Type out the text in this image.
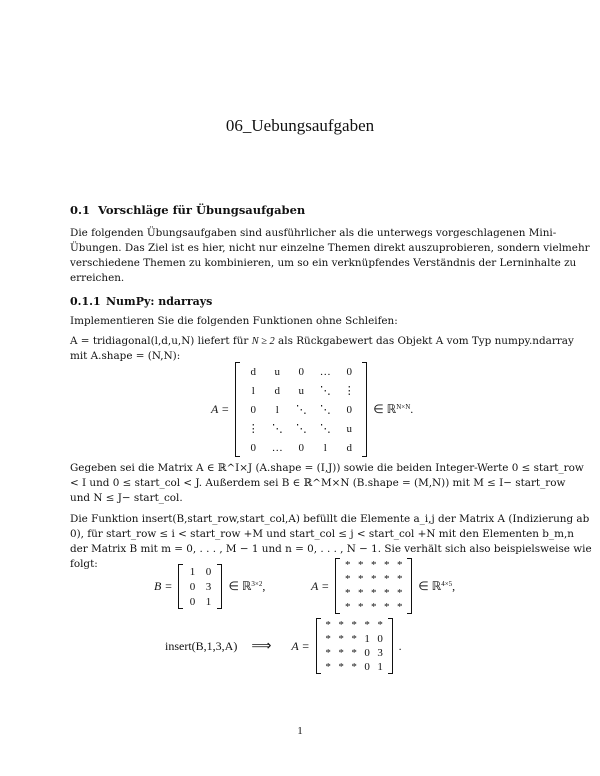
06_Uebungsaufgaben
0.1 Vorschläge für Übungsaufgaben
Die folgenden Übungsaufgaben sind ausführlicher als die unterwegs vorgeschlagenen Mini-
Übungen. Das Ziel ist es hier, nicht nur einzelne Themen direkt auszuprobieren, sondern vielmehr
verschiedene Themen zu kombinieren, um so ein verknüpfendes Verständnis der Lerninhalte zu
erreichen.
0.1.1 NumPy: ndarrays
Implementieren Sie die folgenden Funktionen ohne Schleifen:
A = tridiagonal(l,d,u,N) liefert für N ≥ 2 als Rückgabewert das Objekt A vom Typ numpy.ndarray
mit A.shape = (N,N):
A =
d	u	0	…	0
l	d	u	⋱	⋮
0	l	⋱	⋱	0
⋮	⋱	⋱	⋱	u
0	…	0	l	d
∈ ℝ$^{N\times N}$.
Gegeben sei die Matrix A ∈ ℝ^I×J (A.shape = (I,J)) sowie die beiden Integer-Werte 0 ≤ start_row
< I und 0 ≤ start_col < J. Außerdem sei B ∈ ℝ^M×N (B.shape = (M,N)) mit M ≤ I− start_row
und N ≤ J− start_col.
Die Funktion insert(B,start_row,start_col,A) befüllt die Elemente a_i,j der Matrix A (Indizierung ab
0), für start_row ≤ i < start_row +M und start_col ≤ j < start_col +N mit den Elementen b_m,n
der Matrix B mit m = 0, . . . , M − 1 und n = 0, . . . , N − 1. Sie verhält sich also beispielsweise wie
folgt:
B =
1	0
0	3
0	1
∈ ℝ$^{3\times 2}$,	A =
*	*	*	*	*
*	*	*	*	*
*	*	*	*	*
*	*	*	*	*
∈ ℝ$^{4\times 5}$,
insert(B,1,3,A) ⟹ A =
*	*	*	*	*
*	*	*	1	0
*	*	*	0	3
*	*	*	0	1
.
1
